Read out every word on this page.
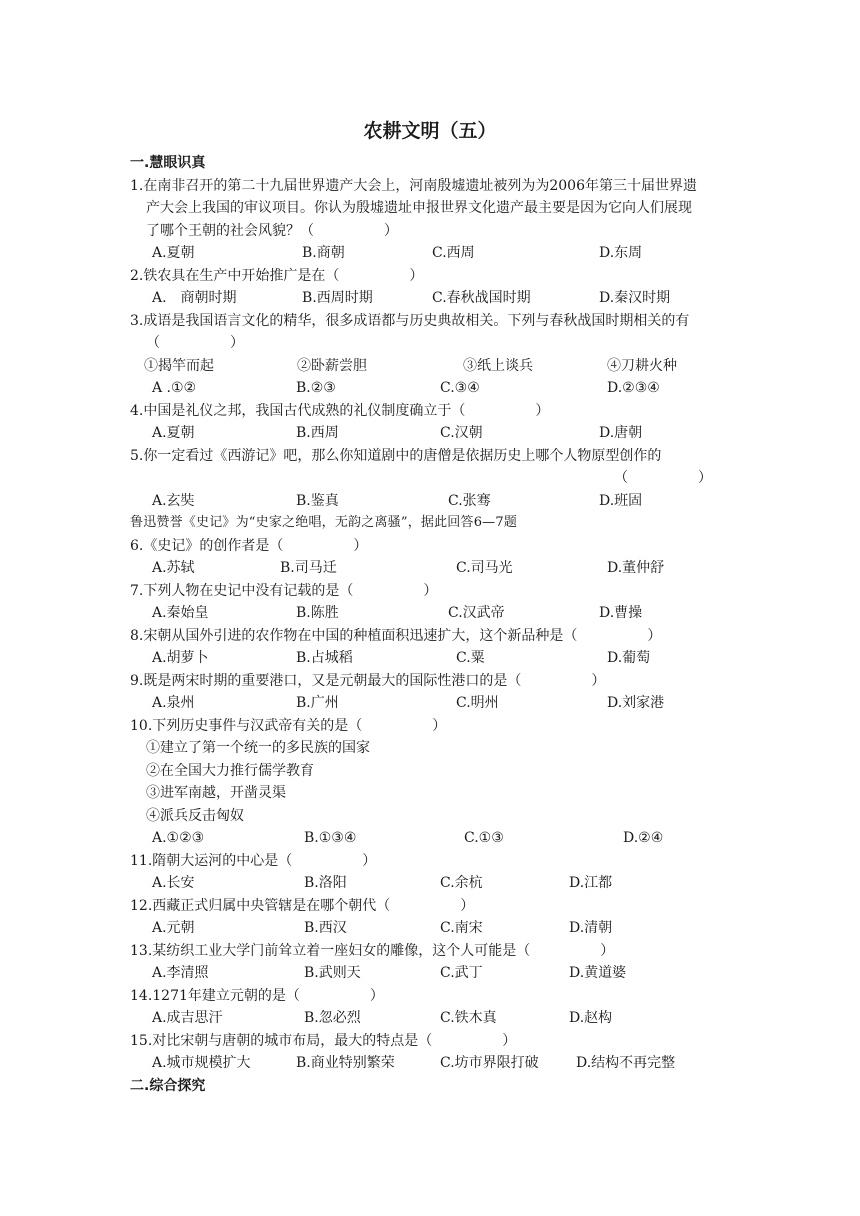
农耕文明（五）
一.慧眼识真
1.在南非召开的第二十九届世界遗产大会上，河南殷墟遗址被列为为2006年第三十届世界遗
产大会上我国的审议项目。你认为殷墟遗址申报世界文化遗产最主要是因为它向人们展现
了哪个王朝的社会风貌？（　　　　　）
A.夏朝	B.商朝	C.西周	D.东周
2.铁农具在生产中开始推广是在（　　　　　）
A.　商朝时期	B.西周时期	C.春秋战国时期	D.秦汉时期
3.成语是我国语言文化的精华，很多成语都与历史典故相关。下列与春秋战国时期相关的有
（　　　　　）
①揭竿而起	②卧薪尝胆	③纸上谈兵	④刀耕火种
A .①②	B.②③	C.③④	D.②③④
4.中国是礼仪之邦，我国古代成熟的礼仪制度确立于（　　　　　）
A.夏朝	B.西周	C.汉朝	D.唐朝
5.你一定看过《西游记》吧，那么你知道剧中的唐僧是依据历史上哪个人物原型创作的
（　　　　　）
A.玄奘	B.鉴真	C.张骞	D.班固
鲁迅赞誉《史记》为“史家之绝唱，无韵之离骚”，据此回答6—7题
6.《史记》的创作者是（　　　　　）
A.苏轼	B.司马迁	C.司马光	D.董仲舒
7.下列人物在史记中没有记载的是（　　　　　）
A.秦始皇	B.陈胜	C.汉武帝	D.曹操
8.宋朝从国外引进的农作物在中国的种植面积迅速扩大，这个新品种是（　　　　　）
A.胡萝卜	B.占城稻	C.粟	D.葡萄
9.既是两宋时期的重要港口，又是元朝最大的国际性港口的是（　　　　　）
A.泉州	B.广州	C.明州	D.刘家港
10.下列历史事件与汉武帝有关的是（　　　　　）
①建立了第一个统一的多民族的国家
②在全国大力推行儒学教育
③进军南越，开凿灵渠
④派兵反击匈奴
A.①②③	B.①③④	C.①③	D.②④
11.隋朝大运河的中心是（　　　　　）
A.长安	B.洛阳	C.余杭	D.江都
12.西藏正式归属中央管辖是在哪个朝代（　　　　　）
A.元朝	B.西汉	C.南宋	D.清朝
13.某纺织工业大学门前耸立着一座妇女的雕像，这个人可能是（　　　　　）
A.李清照	B.武则天	C.武丁	D.黄道婆
14.1271年建立元朝的是（　　　　　）
A.成吉思汗	B.忽必烈	C.铁木真	D.赵构
15.对比宋朝与唐朝的城市布局，最大的特点是（　　　　　）
A.城市规模扩大	B.商业特别繁荣	C.坊市界限打破	D.结构不再完整
二.综合探究
